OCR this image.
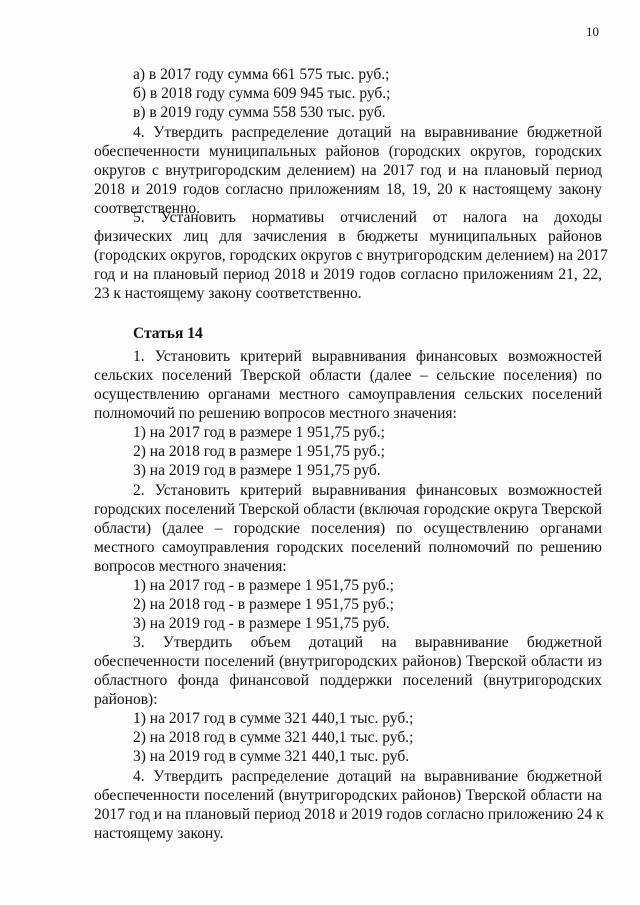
10
а) в 2017 году сумма 661 575 тыс. руб.;
б) в 2018 году сумма 609 945 тыс. руб.;
в) в 2019 году сумма 558 530 тыс. руб.
4. Утвердить распределение дотаций на выравнивание бюджетной
обеспеченности муниципальных районов (городских округов, городских
округов с внутригородским делением) на 2017 год и на плановый период
2018 и 2019 годов согласно приложениям 18, 19, 20 к настоящему закону
соответственно.
5. Установить нормативы отчислений от налога на доходы
физических лиц для зачисления в бюджеты муниципальных районов
(городских округов, городских округов с внутригородским делением) на 2017
год и на плановый период 2018 и 2019 годов согласно приложениям 21, 22,
23 к настоящему закону соответственно.
Статья 14
1. Установить критерий выравнивания финансовых возможностей
сельских поселений Тверской области (далее – сельские поселения) по
осуществлению органами местного самоуправления сельских поселений
полномочий по решению вопросов местного значения:
1) на 2017 год в размере 1 951,75 руб.;
2) на 2018 год в размере 1 951,75 руб.;
3) на 2019 год в размере 1 951,75 руб.
2. Установить критерий выравнивания финансовых возможностей
городских поселений Тверской области (включая городские округа Тверской
области) (далее – городские поселения) по осуществлению органами
местного самоуправления городских поселений полномочий по решению
вопросов местного значения:
1) на 2017 год - в размере 1 951,75 руб.;
2) на 2018 год - в размере 1 951,75 руб.;
3) на 2019 год - в размере 1 951,75 руб.
3. Утвердить объем дотаций на выравнивание бюджетной
обеспеченности поселений (внутригородских районов) Тверской области из
областного фонда финансовой поддержки поселений (внутригородских
районов):
1) на 2017 год в сумме 321 440,1 тыс. руб.;
2) на 2018 год в сумме 321 440,1 тыс. руб.;
3) на 2019 год в сумме 321 440,1 тыс. руб.
4. Утвердить распределение дотаций на выравнивание бюджетной
обеспеченности поселений (внутригородских районов) Тверской области на
2017 год и на плановый период 2018 и 2019 годов согласно приложению 24 к
настоящему закону.
